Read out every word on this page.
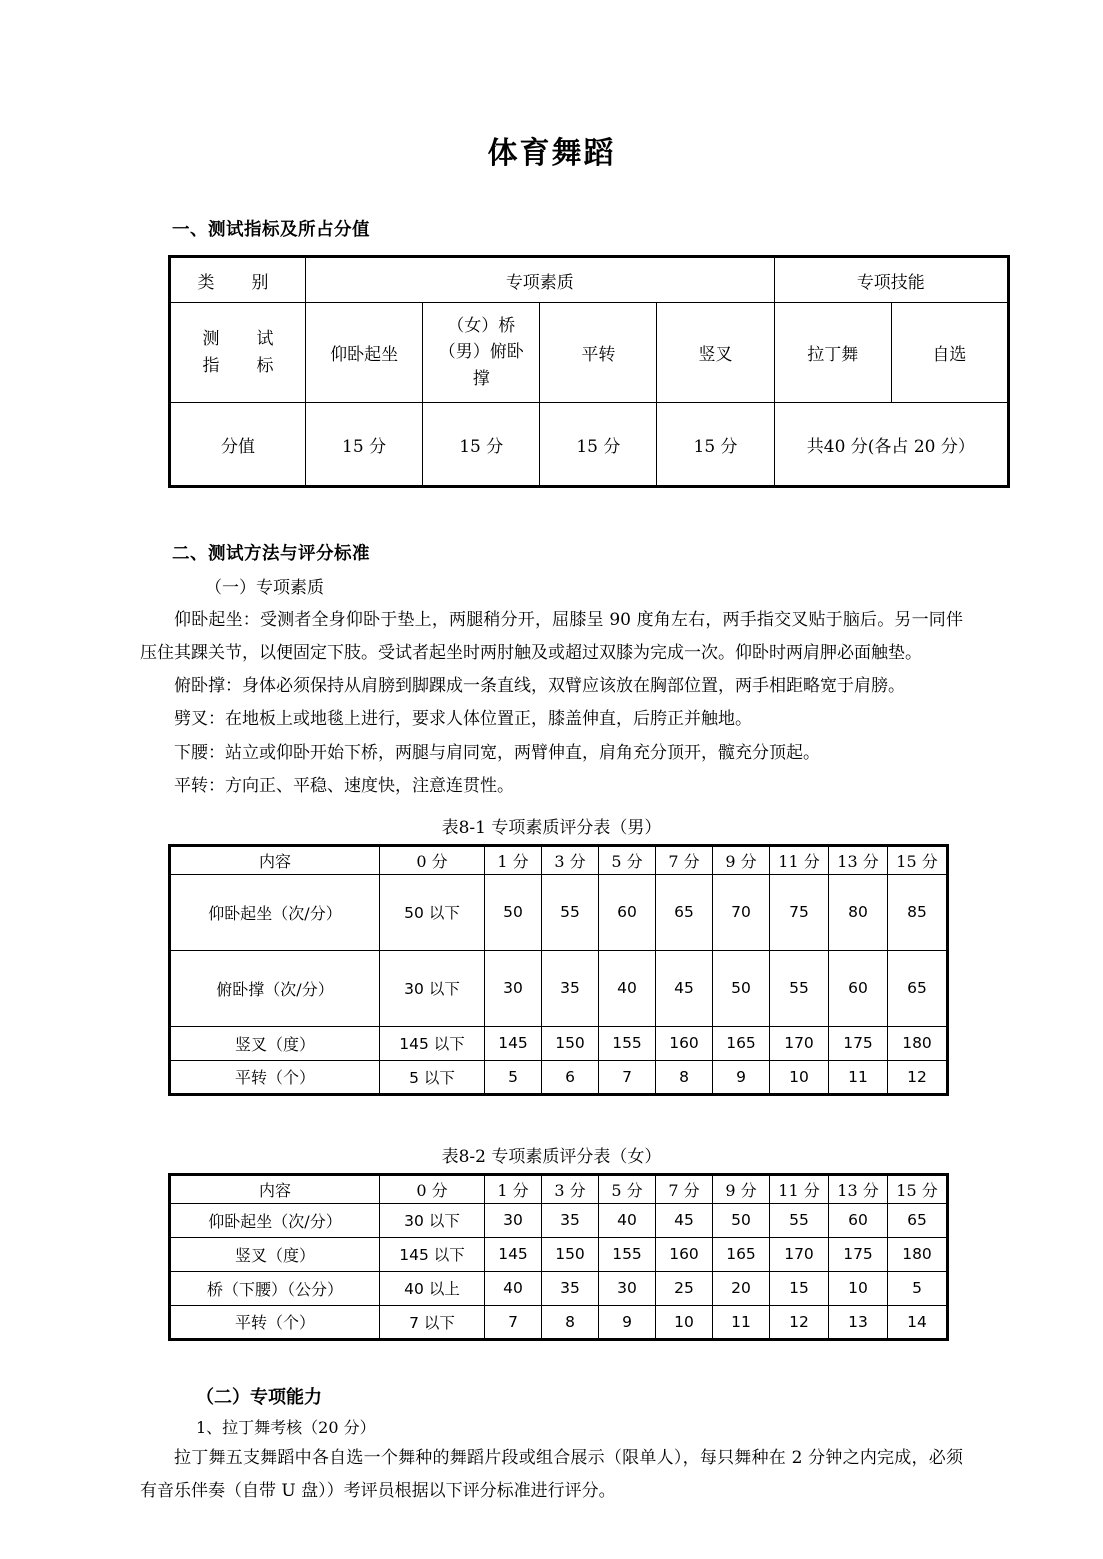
体育舞蹈

一、测试指标及所占分值

类　别	专项素质				专项技能	

测　试
指　标	仰卧起坐	（女）桥
（男）俯卧
撑	平转	竖叉	拉丁舞	自选
分值	15 分	15 分	15 分	15 分	共40 分(各占 20 分）	

二、测试方法与评分标准

（一）专项素质

仰卧起坐：受测者全身仰卧于垫上，两腿稍分开，屈膝呈 90 度角左右，两手指交叉贴于脑后。另一同伴压住其踝关节，以便固定下肢。受试者起坐时两肘触及或超过双膝为完成一次。仰卧时两肩胛必面触垫。

俯卧撑：身体必须保持从肩膀到脚踝成一条直线，双臂应该放在胸部位置，两手相距略宽于肩膀。

劈叉：在地板上或地毯上进行，要求人体位置正，膝盖伸直，后胯正并触地。

下腰：站立或仰卧开始下桥，两腿与肩同宽，两臂伸直，肩角充分顶开，髋充分顶起。

平转：方向正、平稳、速度快，注意连贯性。

表8-1 专项素质评分表（男）

内容	0 分	1 分	3 分	5 分	7 分	9 分	11 分	13 分	15 分
仰卧起坐（次/分）	50 以下	50	55	60	65	70	75	80	85
俯卧撑（次/分）	30 以下	30	35	40	45	50	55	60	65
竖叉（度）	145 以下	145	150	155	160	165	170	175	180
平转（个）	5 以下	5	6	7	8	9	10	11	12

表8-2 专项素质评分表（女）

内容	0 分	1 分	3 分	5 分	7 分	9 分	11 分	13 分	15 分
仰卧起坐（次/分）	30 以下	30	35	40	45	50	55	60	65
竖叉（度）	145 以下	145	150	155	160	165	170	175	180
桥（下腰）（公分）	40 以上	40	35	30	25	20	15	10	5
平转（个）	7 以下	7	8	9	10	11	12	13	14

（二）专项能力

1、拉丁舞考核（20 分）

拉丁舞五支舞蹈中各自选一个舞种的舞蹈片段或组合展示（限单人），每只舞种在 2 分钟之内完成，必须有音乐伴奏（自带 U 盘））考评员根据以下评分标准进行评分。
